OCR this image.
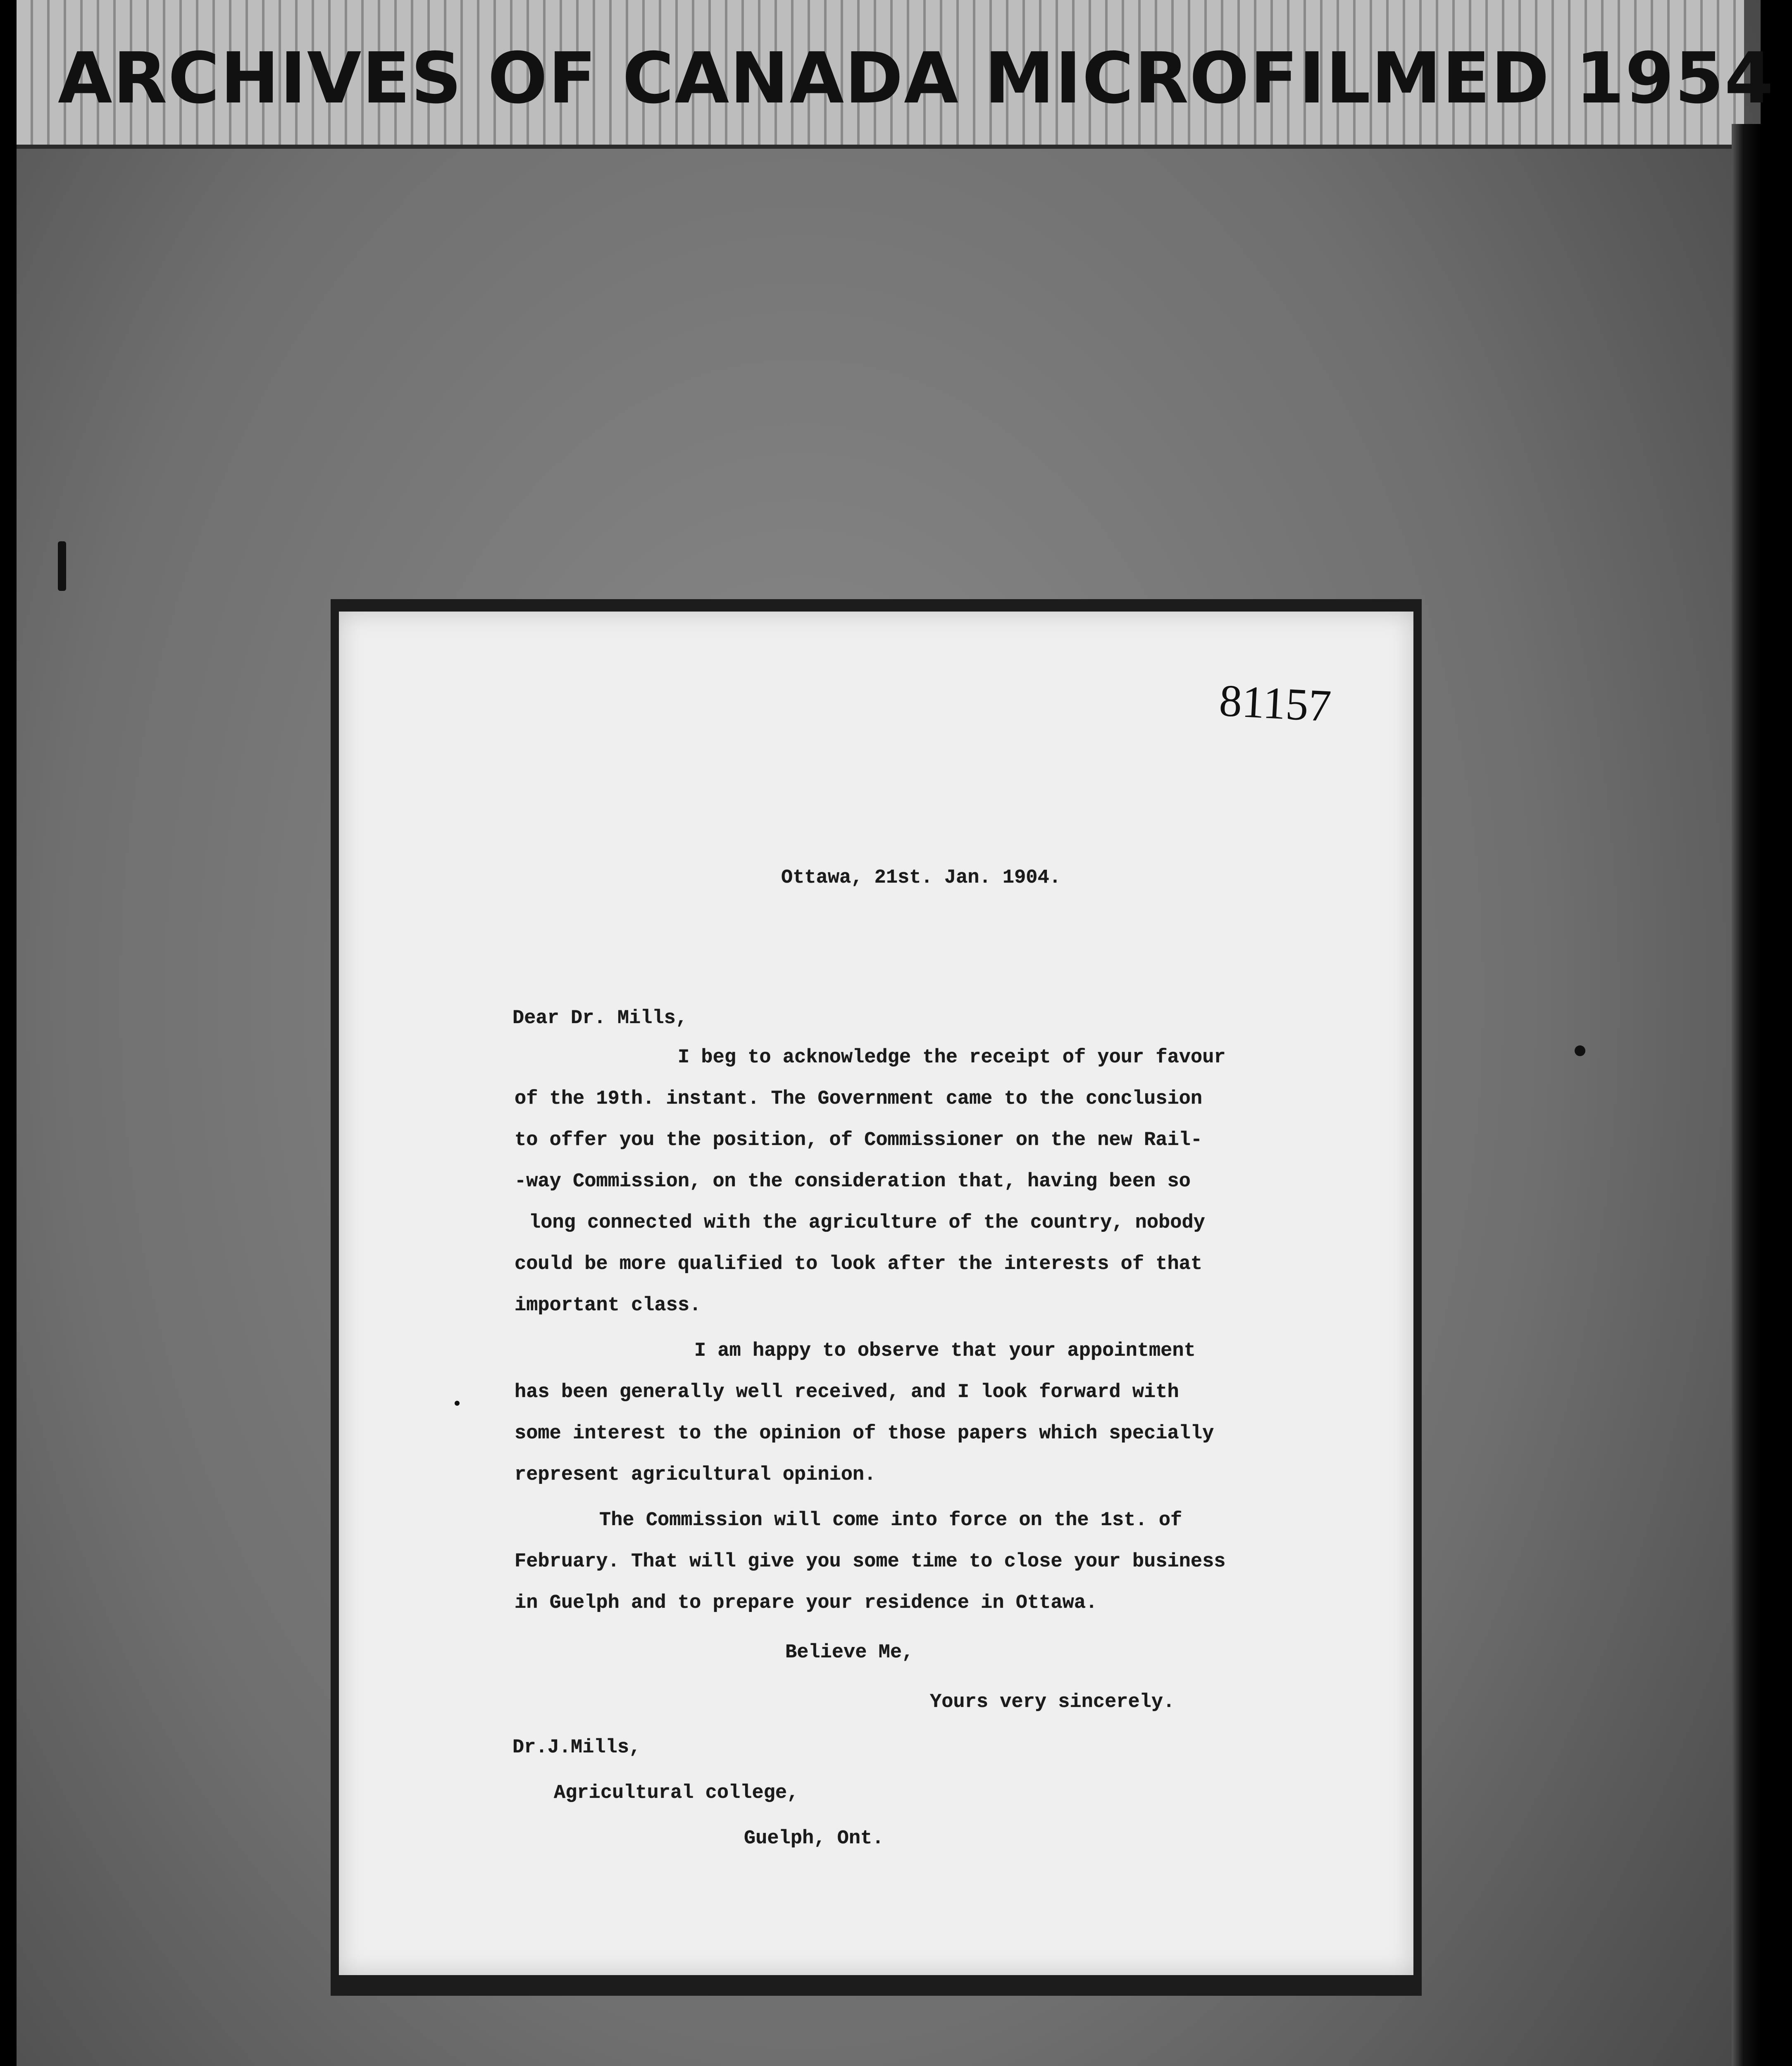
ARCHIVES OF CANADA MICROFILMED 1954
81157
Ottawa, 21st. Jan. 1904.
Dear Dr. Mills,
I beg to acknowledge the receipt of your favour
of the 19th. instant. The Government came to the conclusion
to offer you the position, of Commissioner on the new Rail-
-way Commission, on the consideration that, having been so
long connected with the agriculture of the country, nobody
could be more qualified to look after the interests of that
important class.
I am happy to observe that your appointment
has been generally well received, and I look forward with
some interest to the opinion of those papers which specially
represent agricultural opinion.
The Commission will come into force on the 1st. of
February. That will give you some time to close your business
in Guelph and to prepare your residence in Ottawa.
Believe Me,
Yours very sincerely.
Dr.J.Mills,
Agricultural college,
Guelph, Ont.
